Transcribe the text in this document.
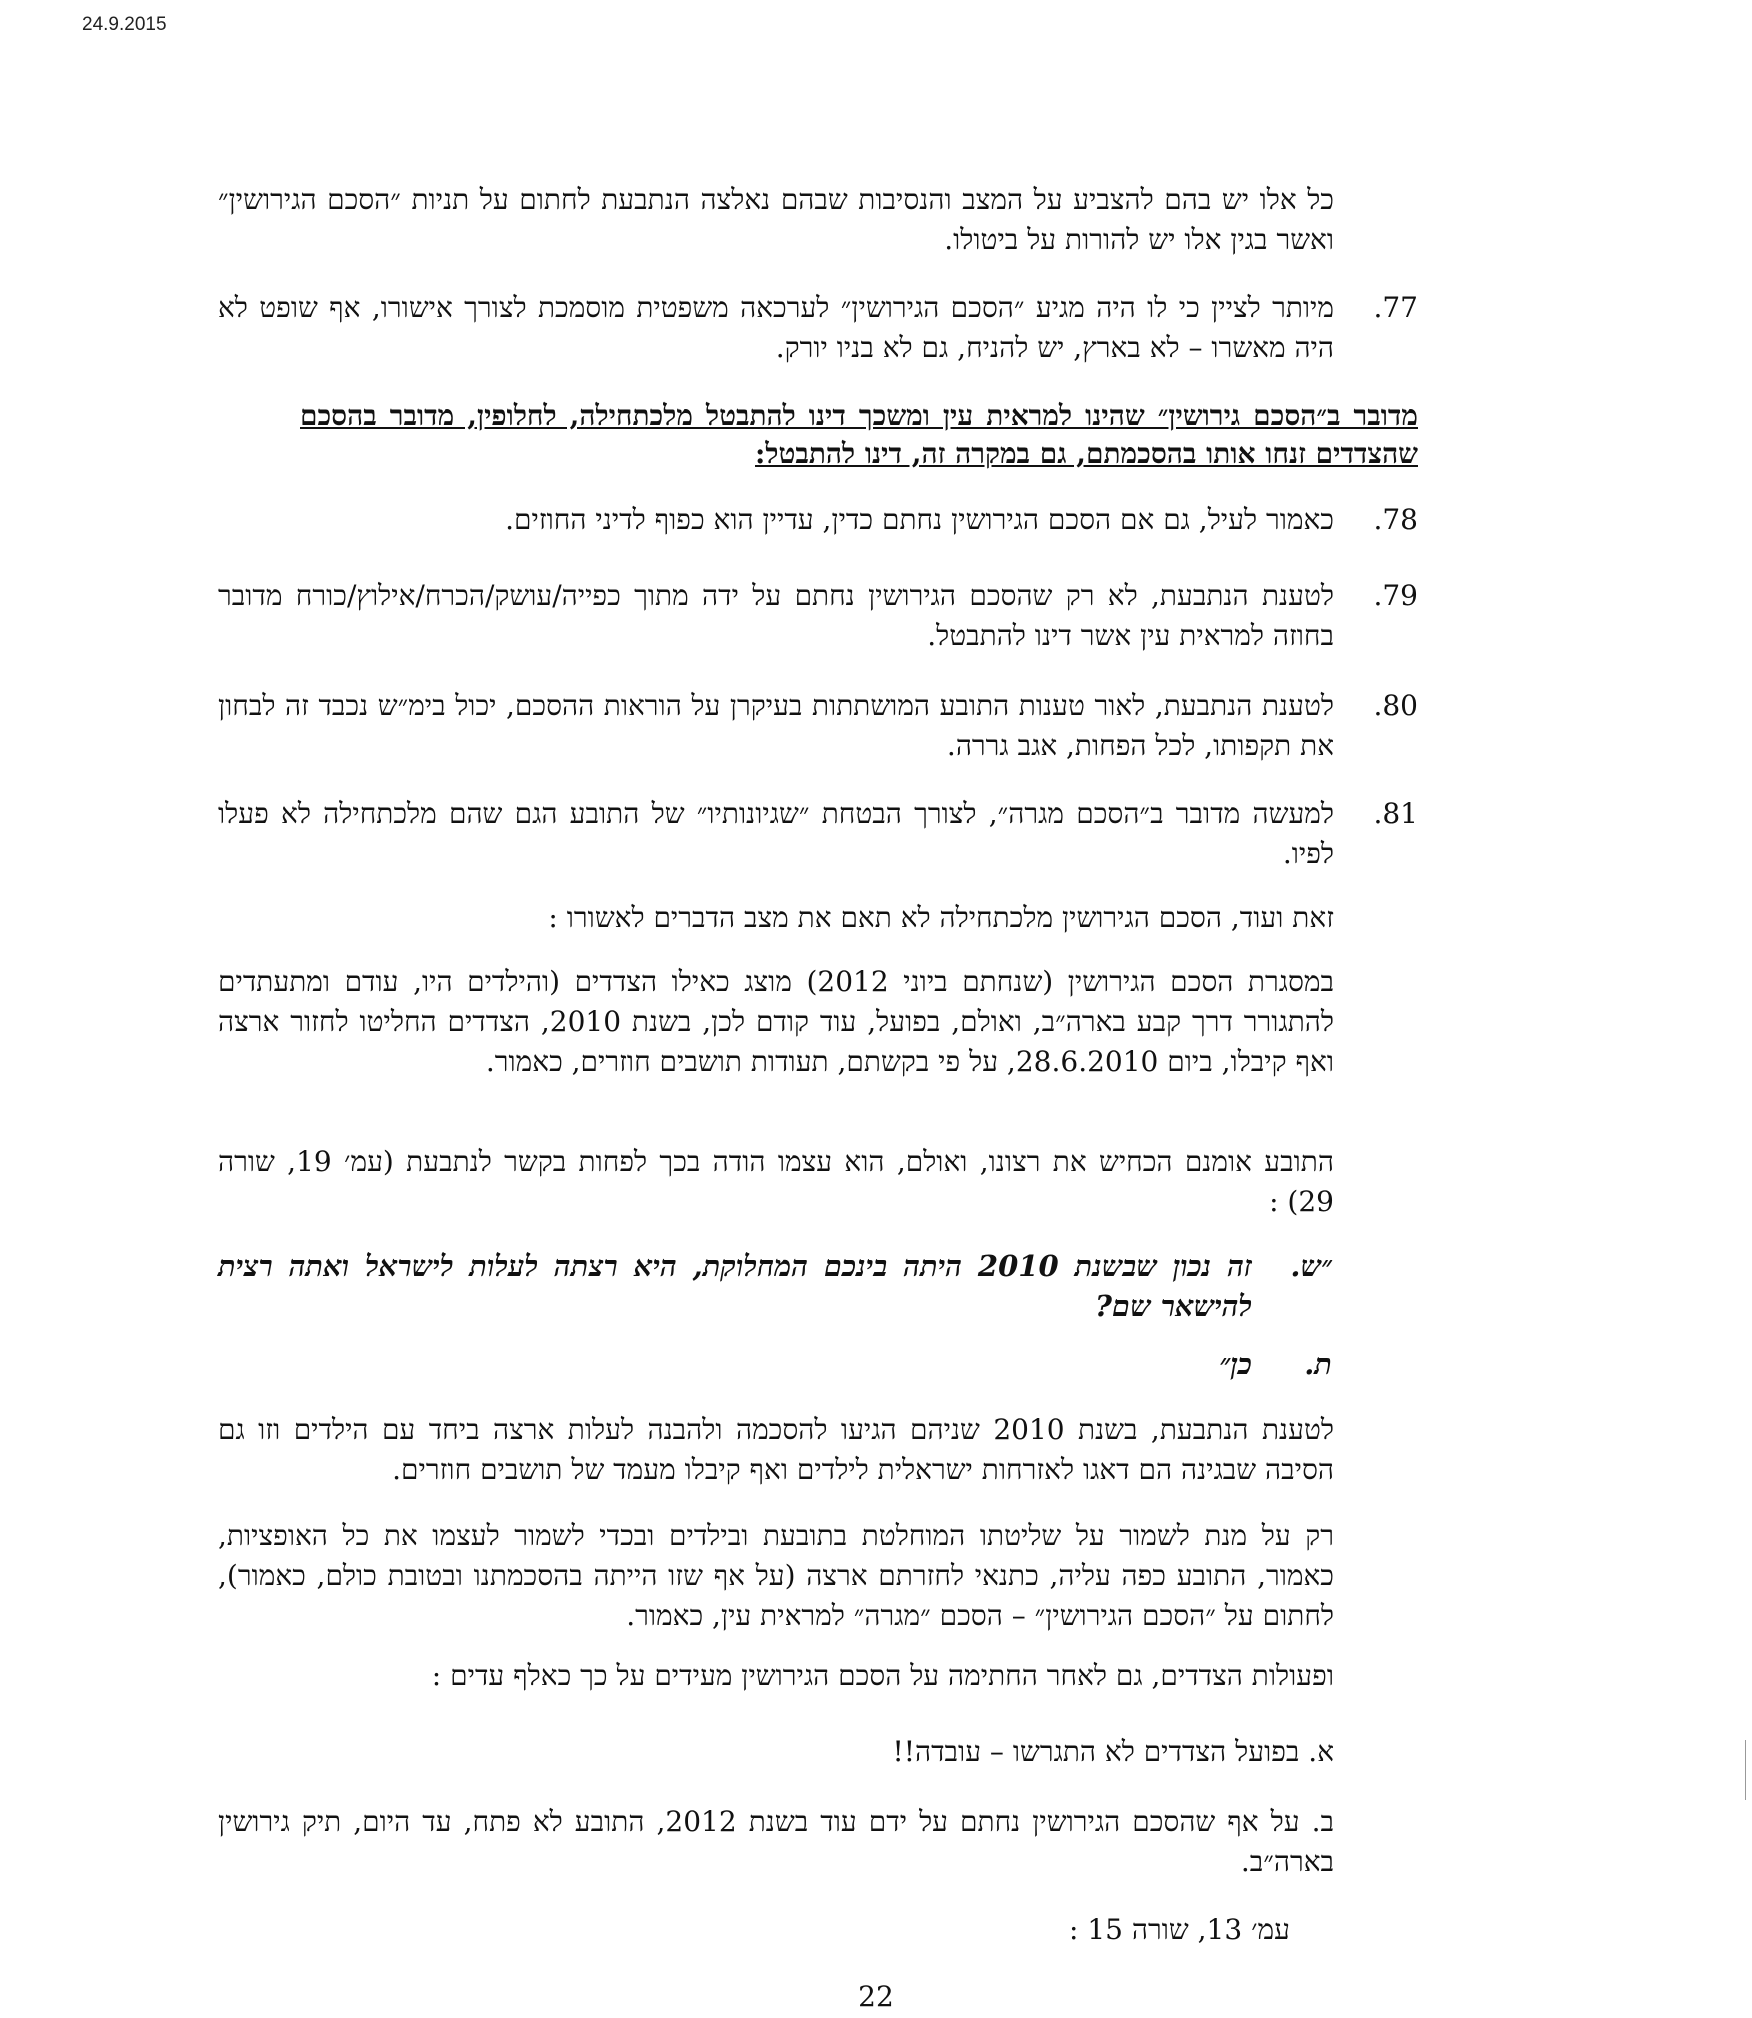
24.9.2015
כל אלו יש בהם להצביע על המצב והנסיבות שבהם נאלצה הנתבעת לחתום על תניות ״הסכם הגירושין״ ואשר בגין אלו יש להורות על ביטולו.
.77
מיותר לציין כי לו היה מגיע ״הסכם הגירושין״ לערכאה משפטית מוסמכת לצורך אישורו, אף שופט לא היה מאשרו – לא בארץ, יש להניח, גם לא בניו יורק.
מדובר ב״הסכם גירושין״ שהינו למראית עין ומשכך דינו להתבטל מלכתחילה, לחלופין, מדובר בהסכם שהצדדים זנחו אותו בהסכמתם, גם במקרה זה, דינו להתבטל:
.78
כאמור לעיל, גם אם הסכם הגירושין נחתם כדין, עדיין הוא כפוף לדיני החוזים.
.79
לטענת הנתבעת, לא רק שהסכם הגירושין נחתם על ידה מתוך כפייה/עושק/הכרח/אילוץ/כורח מדובר בחוזה למראית עין אשר דינו להתבטל.
.80
לטענת הנתבעת, לאור טענות התובע המושתתות בעיקרן על הוראות ההסכם, יכול בימ״ש נכבד זה לבחון את תקפותו, לכל הפחות, אגב גררה.
.81
למעשה מדובר ב״הסכם מגרה״, לצורך הבטחת ״שגיונותיו״ של התובע הגם שהם מלכתחילה לא פעלו לפיו.
זאת ועוד, הסכם הגירושין מלכתחילה לא תאם את מצב הדברים לאשורו :
במסגרת הסכם הגירושין (שנחתם ביוני 2012) מוצג כאילו הצדדים (והילדים היו, עודם ומתעתדים להתגורר דרך קבע בארה״ב, ואולם, בפועל, עוד קודם לכן, בשנת 2010, הצדדים החליטו לחזור ארצה ואף קיבלו, ביום 28.6.2010, על פי בקשתם, תעודות תושבים חוזרים, כאמור.
התובע אומנם הכחיש את רצונו, ואולם, הוא עצמו הודה בכך לפחות בקשר לנתבעת (עמ׳ 19, שורה 29) :
״ש.
זה נכון שבשנת 2010 היתה בינכם המחלוקת, היא רצתה לעלות לישראל ואתה רצית להישאר שם?
ת.
כן״
לטענת הנתבעת, בשנת 2010 שניהם הגיעו להסכמה ולהבנה לעלות ארצה ביחד עם הילדים וזו גם הסיבה שבגינה הם דאגו לאזרחות ישראלית לילדים ואף קיבלו מעמד של תושבים חוזרים.
רק על מנת לשמור על שליטתו המוחלטת בתובעת ובילדים ובכדי לשמור לעצמו את כל האופציות, כאמור, התובע כפה עליה, כתנאי לחזרתם ארצה (על אף שזו הייתה בהסכמתנו ובטובת כולם, כאמור), לחתום על ״הסכם הגירושין״ – הסכם ״מגרה״ למראית עין, כאמור.
ופעולות הצדדים, גם לאחר החתימה על הסכם הגירושין מעידים על כך כאלף עדים :
א. בפועל הצדדים לא התגרשו – עובדה!!
ב. על אף שהסכם הגירושין נחתם על ידם עוד בשנת 2012, התובע לא פתח, עד היום, תיק גירושין בארה״ב.
עמ׳ 13, שורה 15 :
22
